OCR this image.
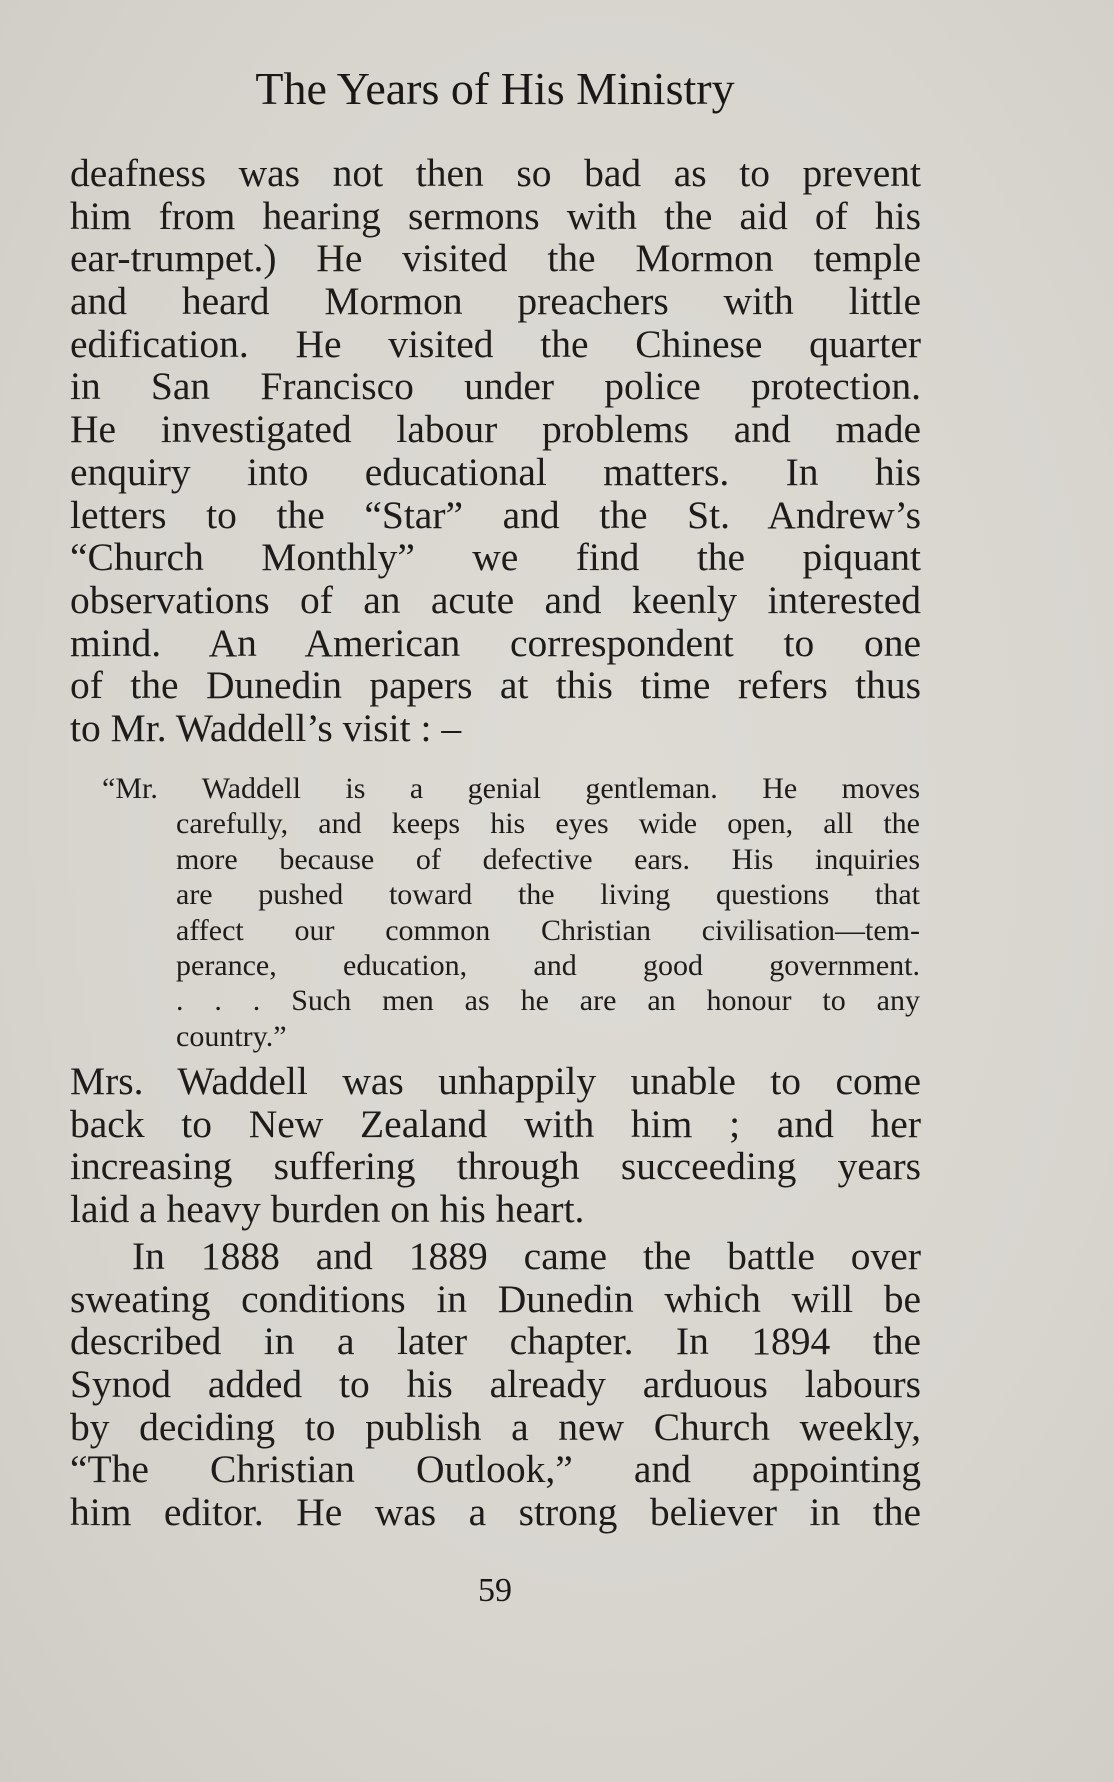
The Years of His Ministry
deafness was not then so bad as to prevent
him from hearing sermons with the aid of his
ear-trumpet.) He visited the Mormon temple
and heard Mormon preachers with little
edification. He visited the Chinese quarter
in San Francisco under police protection.
He investigated labour problems and made
enquiry into educational matters. In his
letters to the “Star” and the St. Andrew’s
“Church Monthly” we find the piquant
observations of an acute and keenly interested
mind. An American correspondent to one
of the Dunedin papers at this time refers thus
to Mr. Waddell’s visit : –
“Mr. Waddell is a genial gentleman. He moves
carefully, and keeps his eyes wide open, all the
more because of defective ears. His inquiries
are pushed toward the living questions that
affect our common Christian civilisation—tem-
perance, education, and good government.
. . . Such men as he are an honour to any
country.”
Mrs. Waddell was unhappily unable to come
back to New Zealand with him ; and her
increasing suffering through succeeding years
laid a heavy burden on his heart.
In 1888 and 1889 came the battle over
sweating conditions in Dunedin which will be
described in a later chapter. In 1894 the
Synod added to his already arduous labours
by deciding to publish a new Church weekly,
“The Christian Outlook,” and appointing
him editor. He was a strong believer in the
59
